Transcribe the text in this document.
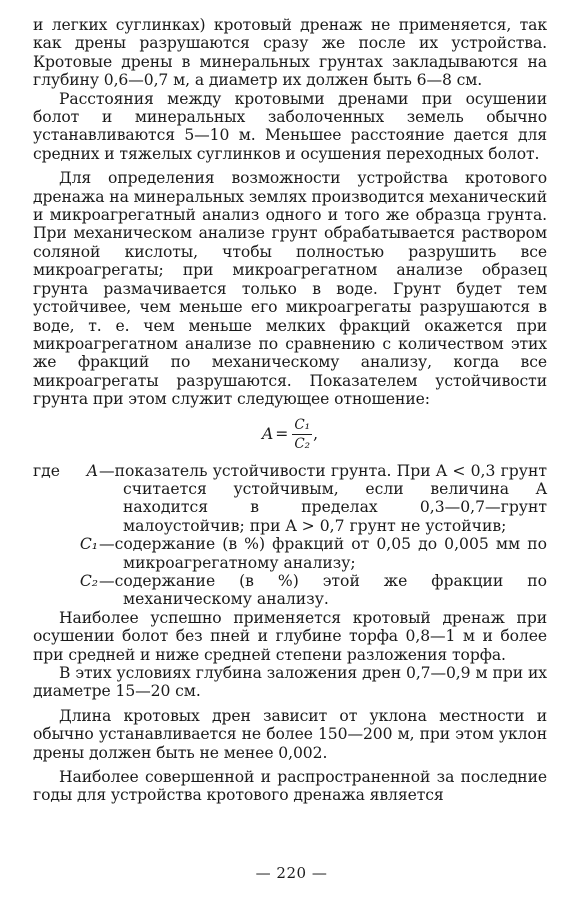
и легких суглинках) кротовый дренаж не применяется, так как дрены разрушаются сразу же после их устройства. Кротовые дрены в минеральных грунтах закладываются на глубину 0,6—0,7 м, а диаметр их должен быть 6—8 см.

Расстояния между кротовыми дренами при осушении болот и минеральных заболоченных земель обычно устанавливаются 5—10 м. Меньшее расстояние дается для средних и тяжелых суглинков и осушения переходных болот.

Для определения возможности устройства кротового дренажа на минеральных землях производится механический и микроагрегатный анализ одного и того же образца грунта. При механическом анализе грунт обрабатывается раствором соляной кислоты, чтобы полностью разрушить все микроагрегаты; при микроагрегатном анализе образец грунта размачивается только в воде. Грунт будет тем устойчивее, чем меньше его микроагрегаты разрушаются в воде, т. е. чем меньше мелких фракций окажется при микроагрегатном анализе по сравнению с количеством этих же фракций по механическому анализу, когда все микроагрегаты разрушаются. Показателем устойчивости грунта при этом служит следующее отношение:

$A = \frac{\text{C₁}}{\text{C₂}}$ ,
где	A —показатель устойчивости грунта. При A < 0,3 грунт считается устойчивым, если величина A находится в пределах 0,3—0,7—грунт малоустойчив; при A > 0,7 грунт не устойчив;

C₁ —содержание (в %) фракций от 0,05 до 0,005 мм по микроагрегатному анализу;

C₂ —содержание (в %) этой же фракции по механическому анализу.

Наиболее успешно применяется кротовый дренаж при осушении болот без пней и глубине торфа 0,8—1 м и более при средней и ниже средней степени разложения торфа.

В этих условиях глубина заложения дрен 0,7—0,9 м при их диаметре 15—20 см.

Длина кротовых дрен зависит от уклона местности и обычно устанавливается не более 150—200 м, при этом уклон дрены должен быть не менее 0,002.

Наиболее совершенной и распространенной за последние годы для устройства кротового дренажа является

— 220 —
